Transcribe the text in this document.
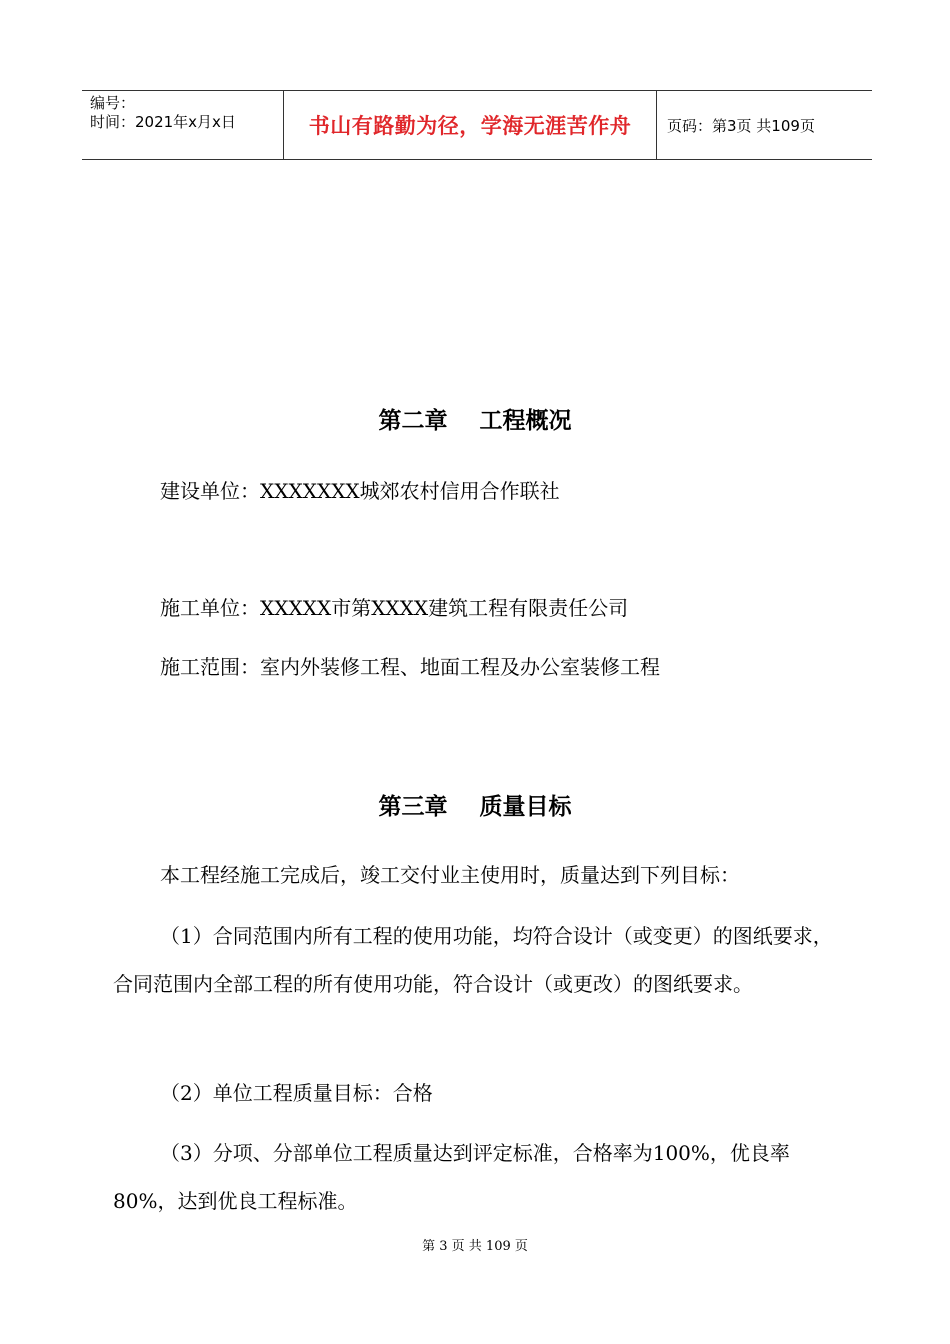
编号：
时间：2021年x月x日	书山有路勤为径，学海无涯苦作舟	页码：第3页 共109页
第二章    工程概况

建设单位：XXXXXXX城郊农村信用合作联社

施工单位：XXXXX市第XXXX建筑工程有限责任公司

施工范围：室内外装修工程、地面工程及办公室装修工程

第三章    质量目标

本工程经施工完成后，竣工交付业主使用时，质量达到下列目标：

（1）合同范围内所有工程的使用功能，均符合设计（或变更）的图纸要求，合同范围内全部工程的所有使用功能，符合设计（或更改）的图纸要求。

（2）单位工程质量目标：合格

（3）分项、分部单位工程质量达到评定标准，合格率为100%，优良率80%，达到优良工程标准。

第 3 页 共 109 页
